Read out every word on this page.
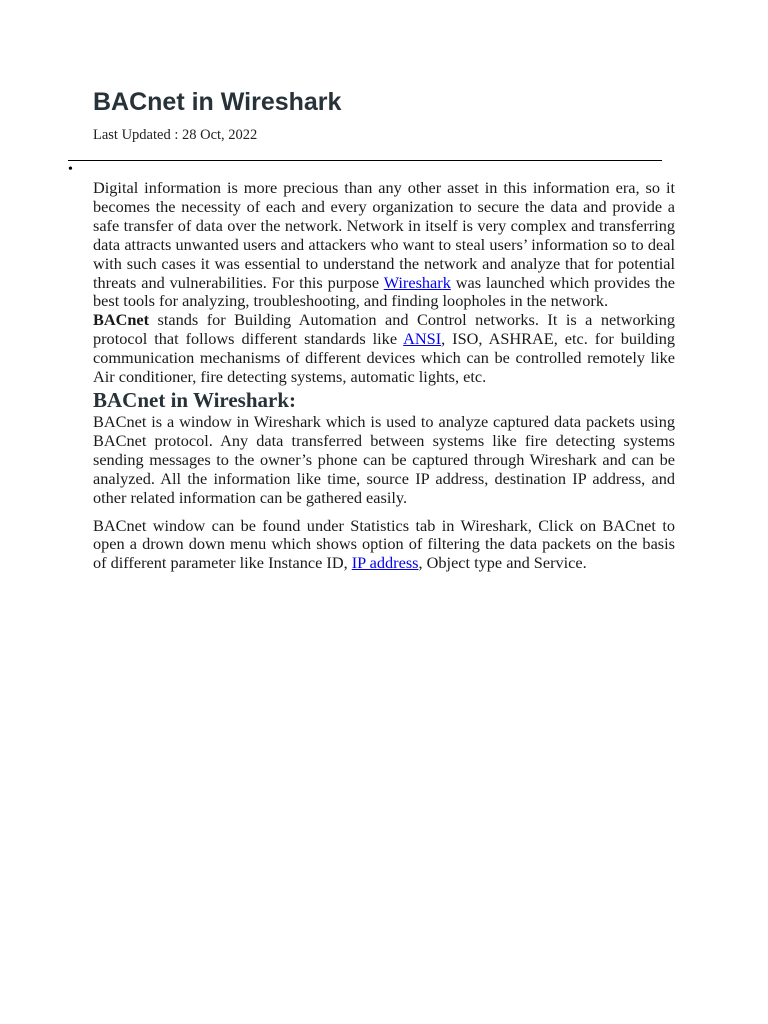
BACnet in Wireshark
Last Updated : 28 Oct, 2022
•

Digital information is more precious than any other asset in this information era, so it becomes the necessity of each and every organization to secure the data and provide a safe transfer of data over the network. Network in itself is very complex and transferring data attracts unwanted users and attackers who want to steal users’ information so to deal with such cases it was essential to understand the network and analyze that for potential threats and vulnerabilities. For this purpose Wireshark was launched which provides the best tools for analyzing, troubleshooting, and finding loopholes in the network.

BACnet stands for Building Automation and Control networks. It is a networking protocol that follows different standards like ANSI, ISO, ASHRAE, etc. for building communication mechanisms of different devices which can be controlled remotely like Air conditioner, fire detecting systems, automatic lights, etc.

BACnet in Wireshark:

BACnet is a window in Wireshark which is used to analyze captured data packets using BACnet protocol. Any data transferred between systems like fire detecting systems sending messages to the owner’s phone can be captured through Wireshark and can be analyzed. All the information like time, source IP address, destination IP address, and other related information can be gathered easily.

BACnet window can be found under Statistics tab in Wireshark, Click on BACnet to open a drown down menu which shows option of filtering the data packets on the basis of different parameter like Instance ID, IP address, Object type and Service.
